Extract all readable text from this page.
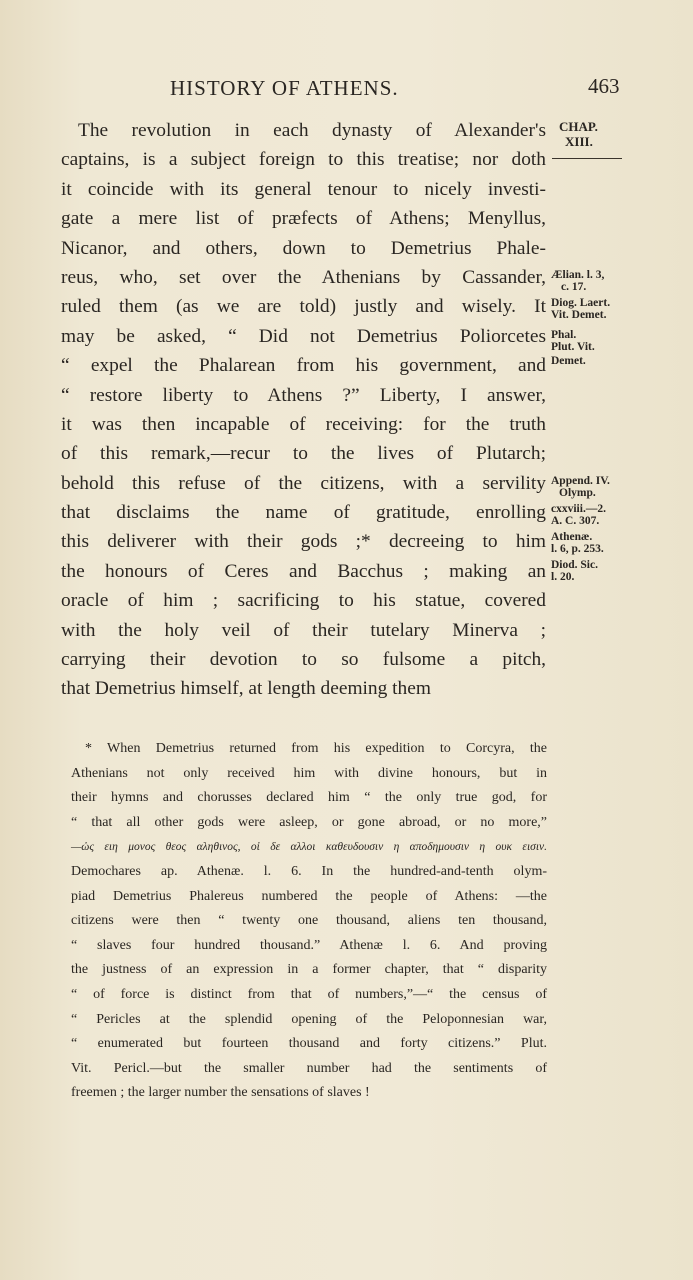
HISTORY OF ATHENS.	463
CHAP.
XIII.
The revolution in each dynasty of Alexander's
captains, is a subject foreign to this treatise; nor doth
it coincide with its general tenour to nicely investi-
gate a mere list of præfects of Athens; Menyllus,
Nicanor, and others, down to Demetrius Phale-
reus, who, set over the Athenians by Cassander,
ruled them (as we are told) justly and wisely. It
may be asked, “ Did not Demetrius Poliorcetes
“ expel the Phalarean from his government, and
“ restore liberty to Athens ?” Liberty, I answer,
it was then incapable of receiving: for the truth
of this remark,—recur to the lives of Plutarch;
behold this refuse of the citizens, with a servility
that disclaims the name of gratitude, enrolling
this deliverer with their gods ;* decreeing to him
the honours of Ceres and Bacchus ; making an
oracle of him ; sacrificing to his statue, covered
with the holy veil of their tutelary Minerva ;
carrying their devotion to so fulsome a pitch,
that Demetrius himself, at length deeming them
Ælian. l. 3,
c. 17.
Diog. Laert.
Vit. Demet.
Phal.
Plut. Vit.
Demet.
Append. IV.
Olymp.
cxxviii.—2.
A. C. 307.
Athenæ.
l. 6, p. 253.
Diod. Sic.
l. 20.
* When Demetrius returned from his expedition to Corcyra, the
Athenians not only received him with divine honours, but in
their hymns and chorusses declared him “ the only true god, for
“ that all other gods were asleep, or gone abroad, or no more,”
—ὡς ειη μονος θεος αληθινος, οἱ δε αλλοι καθευδουσιν η αποδημουσιν η ουκ εισιν.
Demochares ap. Athenæ. l. 6. In the hundred-and-tenth olym-
piad Demetrius Phalereus numbered the people of Athens: —the
citizens were then “ twenty one thousand, aliens ten thousand,
“ slaves four hundred thousand.” Athenæ l. 6. And proving
the justness of an expression in a former chapter, that “ disparity
“ of force is distinct from that of numbers,”—“ the census of
“ Pericles at the splendid opening of the Peloponnesian war,
“ enumerated but fourteen thousand and forty citizens.” Plut.
Vit. Pericl.—but the smaller number had the sentiments of
freemen ; the larger number the sensations of slaves !
